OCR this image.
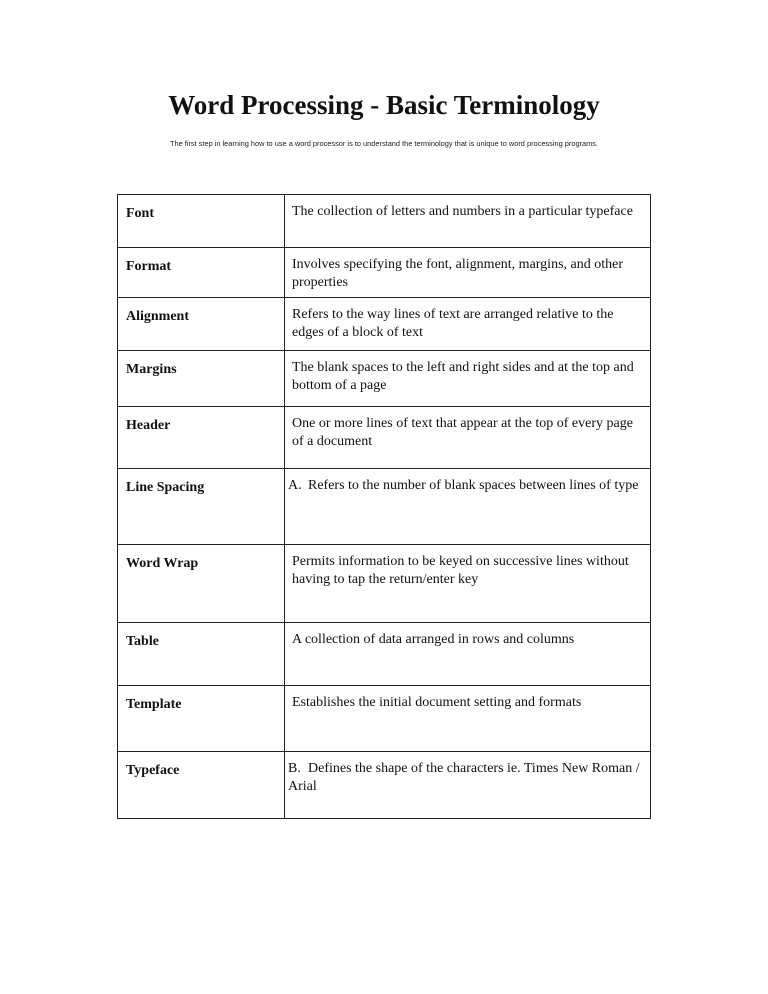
Word Processing - Basic Terminology

The first step in learning how to use a word processor is to understand the terminology that is unique to word processing programs.

Font	The collection of letters and numbers in a particular typeface
Format	Involves specifying the font, alignment, margins, and other properties
Alignment	Refers to the way lines of text are arranged relative to the edges of a block of text
Margins	The blank spaces to the left and right sides and at the top and bottom of a page
Header	One or more lines of text that appear at the top of every page of a document
Line Spacing	A. Refers to the number of blank spaces between lines of type
Word Wrap	Permits information to be keyed on successive lines without having to tap the return/enter key
Table	A collection of data arranged in rows and columns
Template	Establishes the initial document setting and formats
Typeface	B. Defines the shape of the characters ie. Times New Roman / Arial
